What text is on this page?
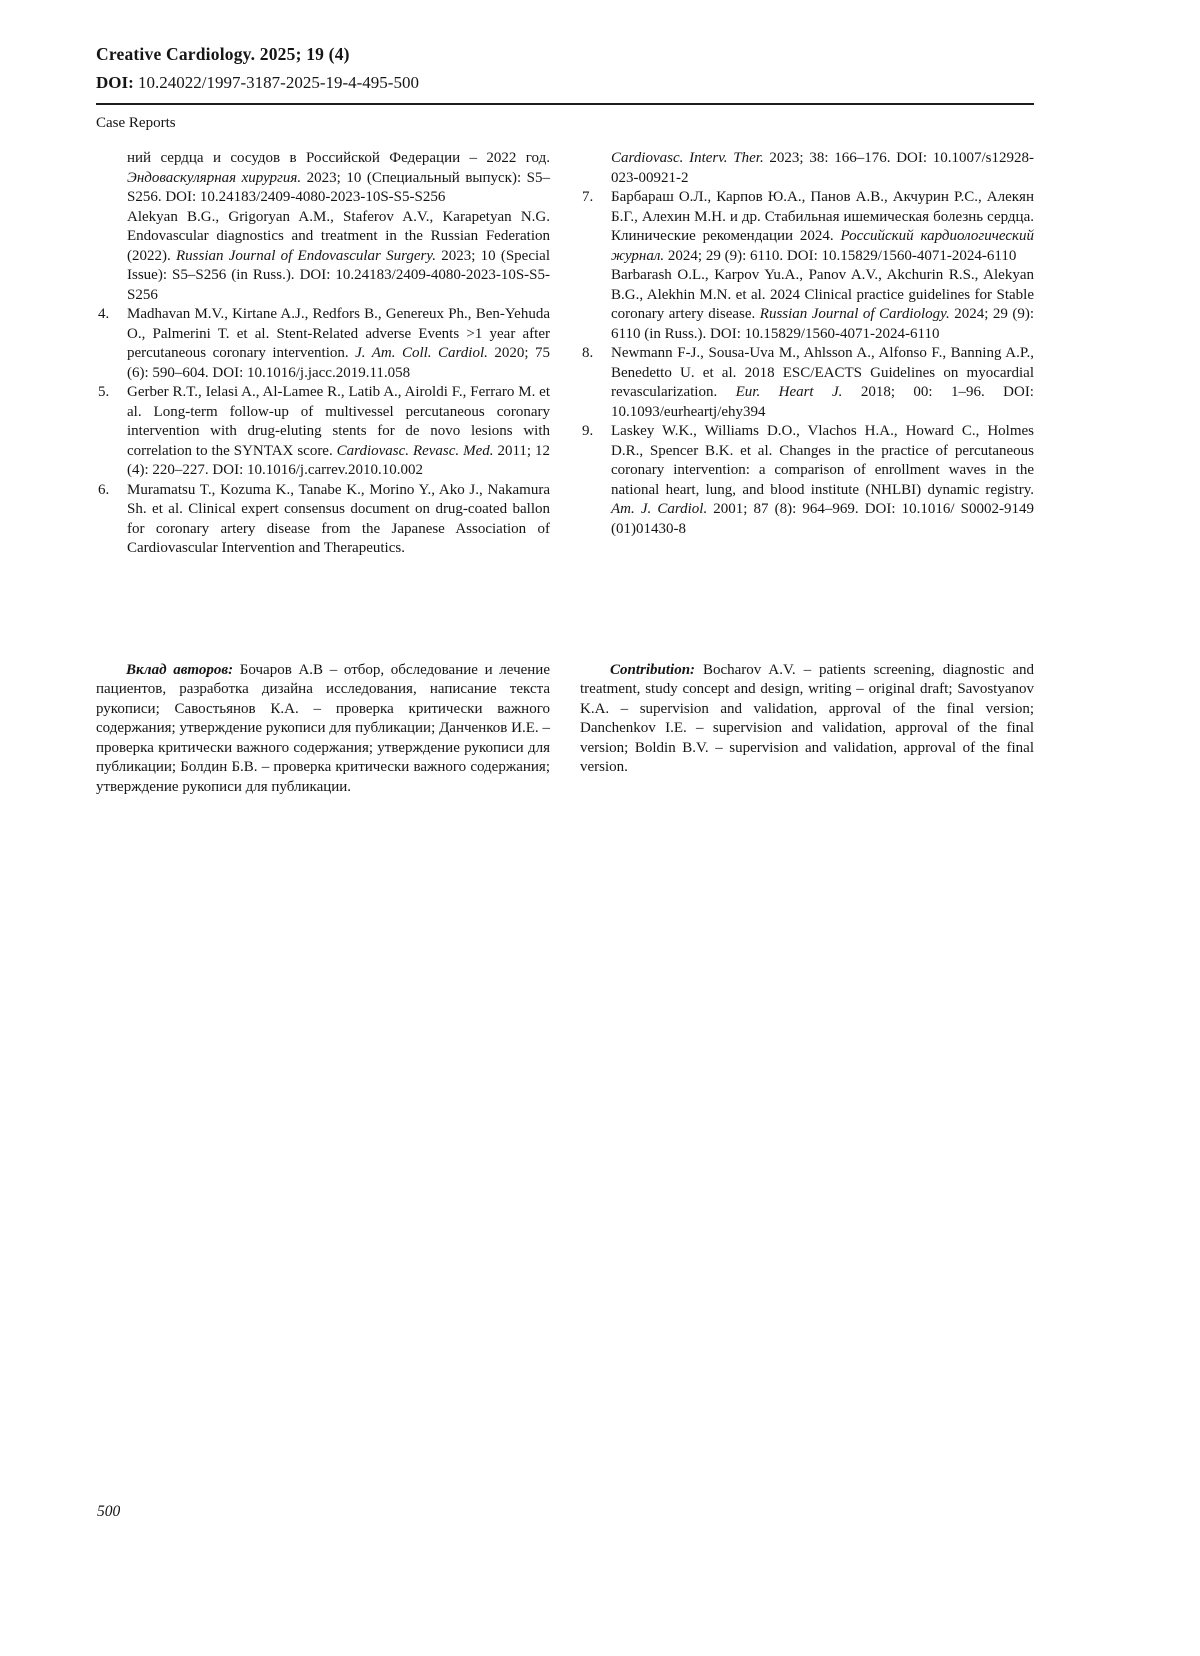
Creative Cardiology. 2025; 19 (4)
DOI: 10.24022/1997-3187-2025-19-4-495-500
Case Reports
ний сердца и сосудов в Российской Федерации – 2022 год. Эндоваскулярная хирургия. 2023; 10 (Специальный выпуск): S5–S256. DOI: 10.24183/2409-4080-2023-10S-S5-S256
Alekyan B.G., Grigoryan A.M., Staferov A.V., Karapetyan N.G. Endovascular diagnostics and treatment in the Russian Federation (2022). Russian Journal of Endovascular Surgery. 2023; 10 (Special Issue): S5–S256 (in Russ.). DOI: 10.24183/2409-4080-2023-10S-S5-S256
4. Madhavan M.V., Kirtane A.J., Redfors B., Genereux Ph., Ben-Yehuda O., Palmerini T. et al. Stent-Related adverse Events >1 year after percutaneous coronary intervention. J. Am. Coll. Cardiol. 2020; 75 (6): 590–604. DOI: 10.1016/j.jacc.2019.11.058
5. Gerber R.T., Ielasi A., Al-Lamee R., Latib A., Airoldi F., Ferraro M. et al. Long-term follow-up of multivessel percutaneous coronary intervention with drug-eluting stents for de novo lesions with correlation to the SYNTAX score. Cardiovasc. Revasc. Med. 2011; 12 (4): 220–227. DOI: 10.1016/j.carrev.2010.10.002
6. Muramatsu T., Kozuma K., Tanabe K., Morino Y., Ako J., Nakamura Sh. et al. Clinical expert consensus document on drug-coated ballon for coronary artery disease from the Japanese Association of Cardiovascular Intervention and Therapeutics.
Cardiovasc. Interv. Ther. 2023; 38: 166–176. DOI: 10.1007/s12928-023-00921-2
7. Барбараш О.Л., Карпов Ю.А., Панов А.В., Акчурин Р.С., Алекян Б.Г., Алехин М.Н. и др. Стабильная ишемическая болезнь сердца. Клинические рекомендации 2024. Российский кардиологический журнал. 2024; 29 (9): 6110. DOI: 10.15829/1560-4071-2024-6110
Barbarash O.L., Karpov Yu.A., Panov A.V., Akchurin R.S., Alekyan B.G., Alekhin M.N. et al. 2024 Clinical practice guidelines for Stable coronary artery disease. Russian Journal of Cardiology. 2024; 29 (9): 6110 (in Russ.). DOI: 10.15829/1560-4071-2024-6110
8. Newmann F-J., Sousa-Uva M., Ahlsson A., Alfonso F., Banning A.P., Benedetto U. et al. 2018 ESC/EACTS Guidelines on myocardial revascularization. Eur. Heart J. 2018; 00: 1–96. DOI: 10.1093/eurheartj/ehy394
9. Laskey W.K., Williams D.O., Vlachos H.A., Howard C., Holmes D.R., Spencer B.K. et al. Changes in the practice of percutaneous coronary intervention: a comparison of enrollment waves in the national heart, lung, and blood institute (NHLBI) dynamic registry. Am. J. Cardiol. 2001; 87 (8): 964–969. DOI: 10.1016/ S0002-9149 (01)01430-8

Вклад авторов: Бочаров А.В – отбор, обследование и лечение пациентов, разработка дизайна исследования, написание текста рукописи; Савостьянов К.А. – проверка критически важного содержания; утверждение рукописи для публикации; Данченков И.Е. – проверка критически важного содержания; утверждение рукописи для публикации; Болдин Б.В. – проверка критически важного содержания; утверждение рукописи для публикации.

Contribution: Bocharov A.V. – patients screening, diagnostic and treatment, study concept and design, writing – original draft; Savostyanov K.A. – supervision and validation, approval of the final version; Danchenkov I.E. – supervision and validation, approval of the final version; Boldin B.V. – supervision and validation, approval of the final version.

500
